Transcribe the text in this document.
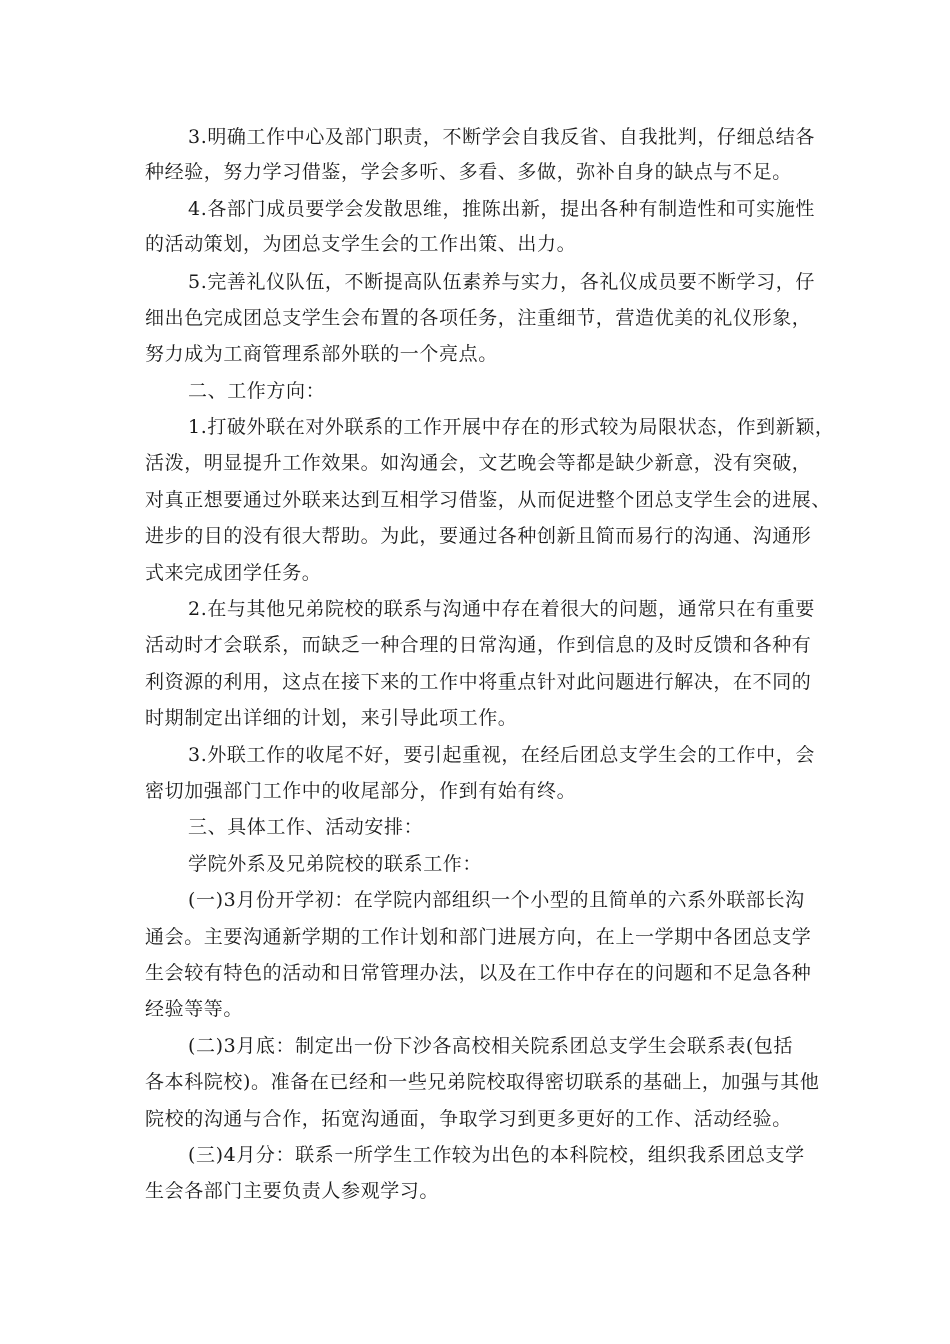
3.明确工作中心及部门职责，不断学会自我反省、自我批判，仔细总结各
种经验，努力学习借鉴，学会多听、多看、多做，弥补自身的缺点与不足。
4.各部门成员要学会发散思维，推陈出新，提出各种有制造性和可实施性
的活动策划，为团总支学生会的工作出策、出力。
5.完善礼仪队伍，不断提高队伍素养与实力，各礼仪成员要不断学习，仔
细出色完成团总支学生会布置的各项任务，注重细节，营造优美的礼仪形象，
努力成为工商管理系部外联的一个亮点。
二、工作方向：
1.打破外联在对外联系的工作开展中存在的形式较为局限状态，作到新颖，
活泼，明显提升工作效果。如沟通会，文艺晚会等都是缺少新意，没有突破，
对真正想要通过外联来达到互相学习借鉴，从而促进整个团总支学生会的进展、
进步的目的没有很大帮助。为此，要通过各种创新且简而易行的沟通、沟通形
式来完成团学任务。
2.在与其他兄弟院校的联系与沟通中存在着很大的问题，通常只在有重要
活动时才会联系，而缺乏一种合理的日常沟通，作到信息的及时反馈和各种有
利资源的利用，这点在接下来的工作中将重点针对此问题进行解决，在不同的
时期制定出详细的计划，来引导此项工作。
3.外联工作的收尾不好，要引起重视，在经后团总支学生会的工作中，会
密切加强部门工作中的收尾部分，作到有始有终。
三、具体工作、活动安排：
学院外系及兄弟院校的联系工作：
(一)3月份开学初：在学院内部组织一个小型的且简单的六系外联部长沟
通会。主要沟通新学期的工作计划和部门进展方向，在上一学期中各团总支学
生会较有特色的活动和日常管理办法，以及在工作中存在的问题和不足急各种
经验等等。
(二)3月底：制定出一份下沙各高校相关院系团总支学生会联系表(包括
各本科院校)。准备在已经和一些兄弟院校取得密切联系的基础上，加强与其他
院校的沟通与合作，拓宽沟通面，争取学习到更多更好的工作、活动经验。
(三)4月分：联系一所学生工作较为出色的本科院校，组织我系团总支学
生会各部门主要负责人参观学习。
